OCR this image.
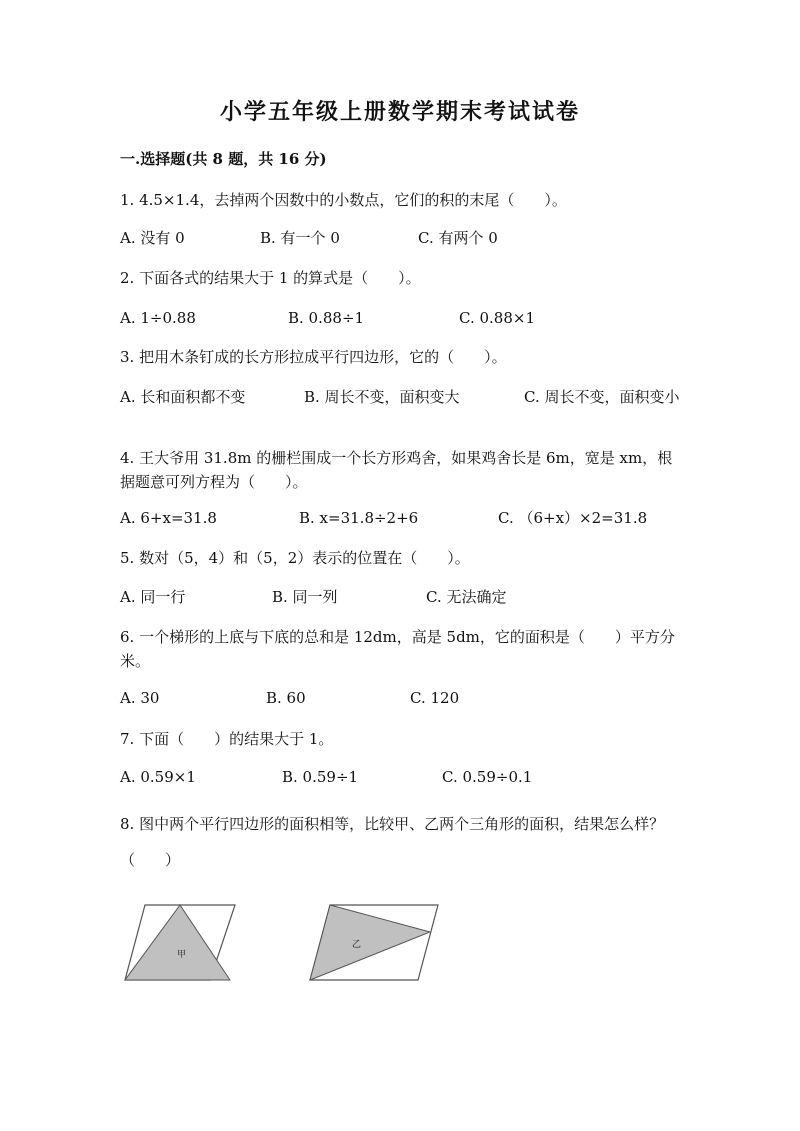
小学五年级上册数学期末考试试卷
一.选择题(共 8 题，共 16 分)
1. 4.5×1.4，去掉两个因数中的小数点，它们的积的末尾（　　）。
A. 没有 0	B. 有一个 0	C. 有两个 0
2. 下面各式的结果大于 1 的算式是（　　）。
A. 1÷0.88	B. 0.88÷1	C. 0.88×1
3. 把用木条钉成的长方形拉成平行四边形，它的（　　）。
A. 长和面积都不变	B. 周长不变，面积变大	C. 周长不变，面积变小
4. 王大爷用 31.8m 的栅栏围成一个长方形鸡舍，如果鸡舍长是 6m，宽是 xm，根据题意可列方程为（　　）。
A. 6+x=31.8	B. x=31.8÷2+6	C. （6+x）×2=31.8
5. 数对（5，4）和（5，2）表示的位置在（　　）。
A. 同一行	B. 同一列	C. 无法确定
6. 一个梯形的上底与下底的总和是 12dm，高是 5dm，它的面积是（　　）平方分米。
A. 30	B. 60	C. 120
7. 下面（　　）的结果大于 1。
A. 0.59×1	B. 0.59÷1	C. 0.59÷0.1
8. 图中两个平行四边形的面积相等，比较甲、乙两个三角形的面积，结果怎么样？（　　）
甲
乙
